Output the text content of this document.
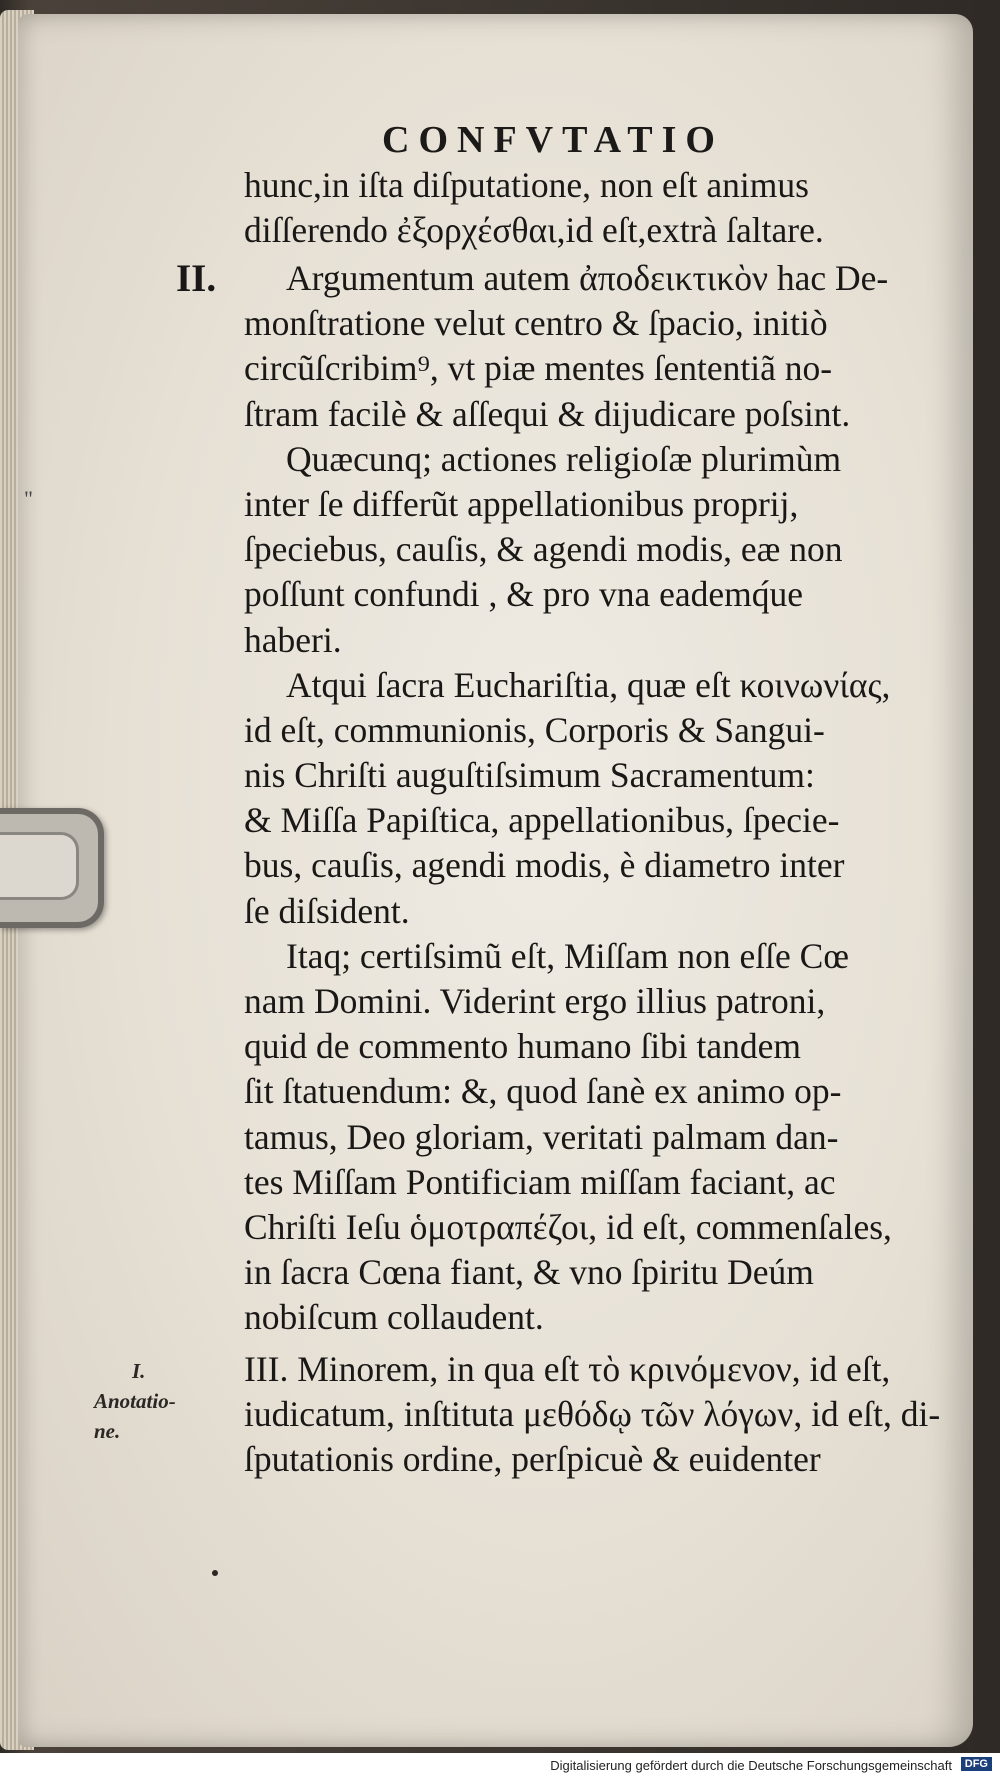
"
CONFVTATIO
hunc,in iſta diſputatione, non eſt animus
diſſerendo ἐξορχέσθαι,id eſt,extrà ſaltare.
II.	Argumentum autem ἀποδεικτικὸν hac De-
monſtratione velut centro & ſpacio, initiò
circũſcribim⁹, vt piæ mentes ſententiã no-
ſtram facilè & aſſequi & dijudicare poſsint.
Quæcunq; actiones religioſæ plurimùm
inter ſe differũt appellationibus proprij,
ſpeciebus, cauſis, & agendi modis, eæ non
poſſunt confundi , & pro vna eademq́ue
haberi.
Atqui ſacra Euchariſtia, quæ eſt κοινωνίας,
id eſt, communionis, Corporis & Sangui-
nis Chriſti auguſtiſsimum Sacramentum:
& Miſſa Papiſtica, appellationibus, ſpecie-
bus, cauſis, agendi modis, è diametro inter
ſe diſsident.
Itaq; certiſsimũ eſt, Miſſam non eſſe Cœ
nam Domini. Viderint ergo illius patroni,
quid de commento humano ſibi tandem
ſit ſtatuendum: &, quod ſanè ex animo op-
tamus, Deo gloriam, veritati palmam dan-
tes Miſſam Pontificiam miſſam faciant, ac
Chriſti Ieſu ὁμοτραπέζοι, id eſt, commenſales,
in ſacra Cœna fiant, & vno ſpiritu Deúm
nobiſcum collaudent.
I.
Anotatio-
ne.
III. Minorem, in qua eſt τὸ κρινόμενον, id eſt,
iudicatum, inſtituta μεθόδῳ τῶν λόγων, id eſt, di-
ſputationis ordine, perſpicuè & euidenter
Digitalisierung gefördert durch die Deutsche Forschungsgemeinschaft	DFG
